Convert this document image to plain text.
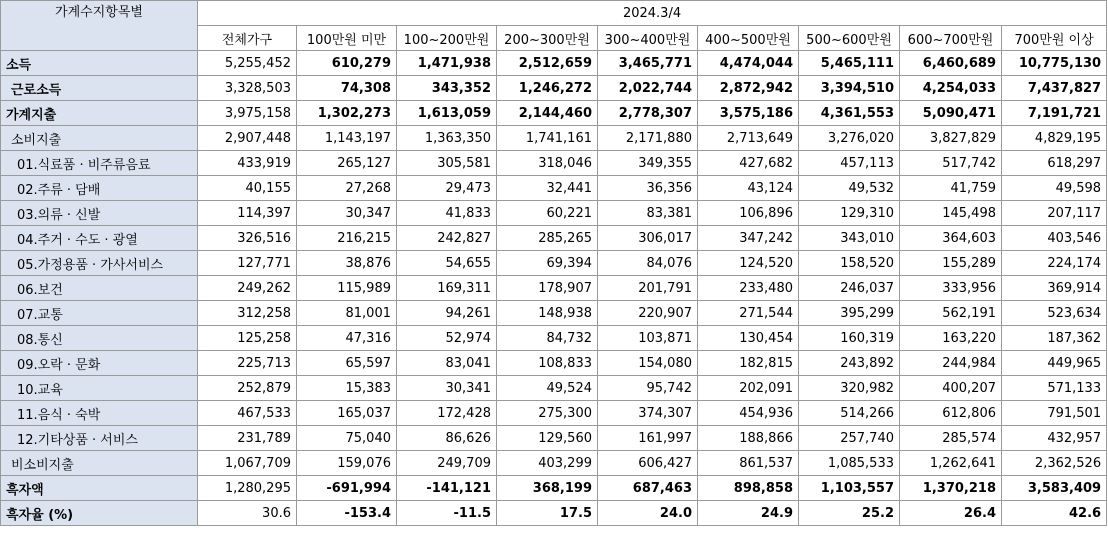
가계수지항목별	2024.3/4								
	전체가구	100만원 미만	100~200만원	200~300만원	300~400만원	400~500만원	500~600만원	600~700만원	700만원 이상
소득	5,255,452	610,279	1,471,938	2,512,659	3,465,771	4,474,044	5,465,111	6,460,689	10,775,130
근로소득	3,328,503	74,308	343,352	1,246,272	2,022,744	2,872,942	3,394,510	4,254,033	7,437,827
가계지출	3,975,158	1,302,273	1,613,059	2,144,460	2,778,307	3,575,186	4,361,553	5,090,471	7,191,721
소비지출	2,907,448	1,143,197	1,363,350	1,741,161	2,171,880	2,713,649	3,276,020	3,827,829	4,829,195
01.식료품 · 비주류음료	433,919	265,127	305,581	318,046	349,355	427,682	457,113	517,742	618,297
02.주류 · 담배	40,155	27,268	29,473	32,441	36,356	43,124	49,532	41,759	49,598
03.의류 · 신발	114,397	30,347	41,833	60,221	83,381	106,896	129,310	145,498	207,117
04.주거 · 수도 · 광열	326,516	216,215	242,827	285,265	306,017	347,242	343,010	364,603	403,546
05.가정용품 · 가사서비스	127,771	38,876	54,655	69,394	84,076	124,520	158,520	155,289	224,174
06.보건	249,262	115,989	169,311	178,907	201,791	233,480	246,037	333,956	369,914
07.교통	312,258	81,001	94,261	148,938	220,907	271,544	395,299	562,191	523,634
08.통신	125,258	47,316	52,974	84,732	103,871	130,454	160,319	163,220	187,362
09.오락 · 문화	225,713	65,597	83,041	108,833	154,080	182,815	243,892	244,984	449,965
10.교육	252,879	15,383	30,341	49,524	95,742	202,091	320,982	400,207	571,133
11.음식 · 숙박	467,533	165,037	172,428	275,300	374,307	454,936	514,266	612,806	791,501
12.기타상품 · 서비스	231,789	75,040	86,626	129,560	161,997	188,866	257,740	285,574	432,957
비소비지출	1,067,709	159,076	249,709	403,299	606,427	861,537	1,085,533	1,262,641	2,362,526
흑자액	1,280,295	-691,994	-141,121	368,199	687,463	898,858	1,103,557	1,370,218	3,583,409
흑자율 (%)	30.6	-153.4	-11.5	17.5	24.0	24.9	25.2	26.4	42.6
